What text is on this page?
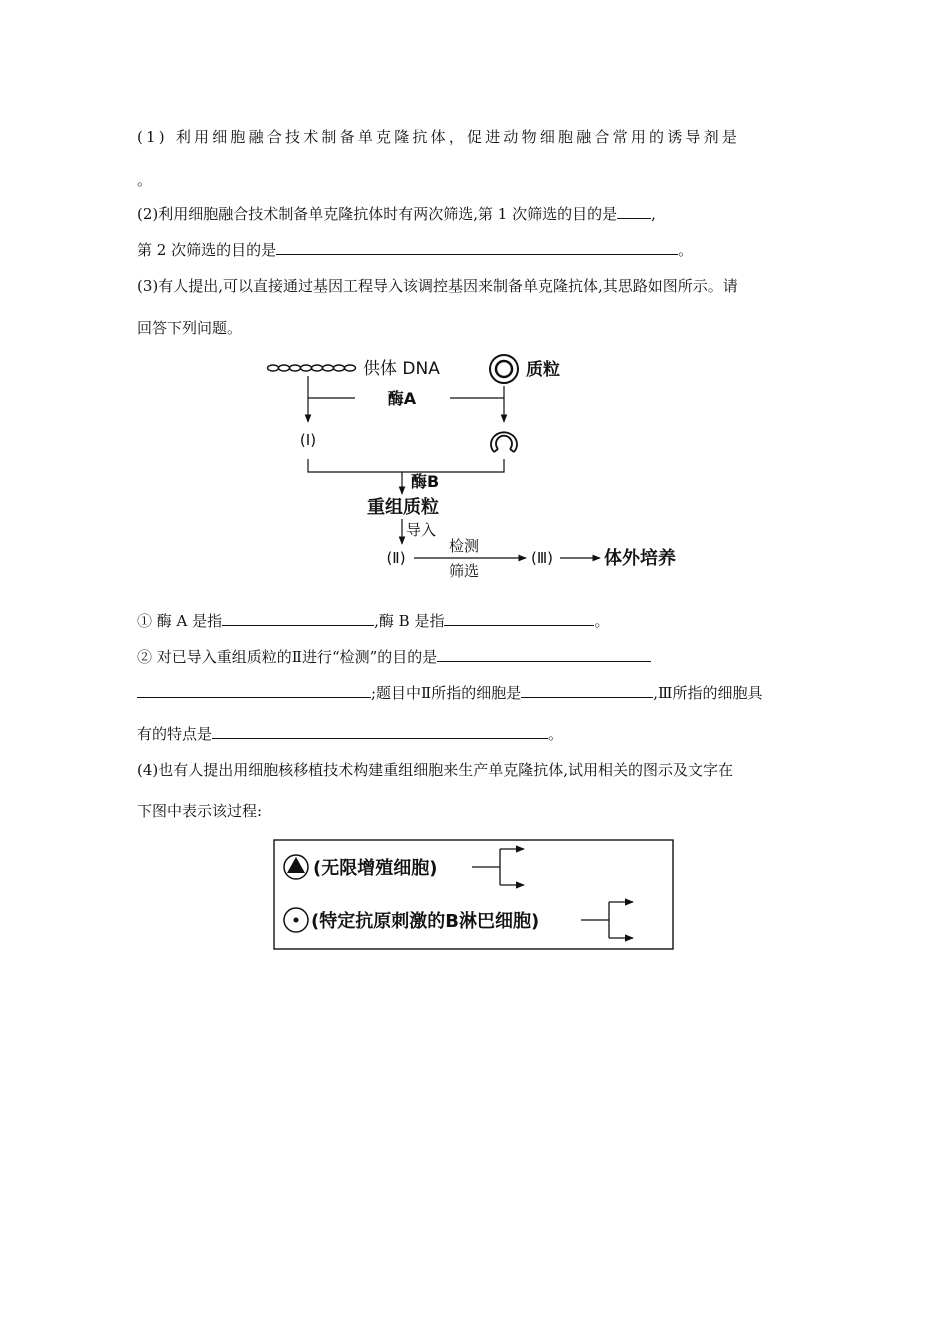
(1) 利用细胞融合技术制备单克隆抗体，促进动物细胞融合常用的诱导剂是
。
(2)利用细胞融合技术制备单克隆抗体时有两次筛选,第 1 次筛选的目的是 ,
第 2 次筛选的目的是	。
(3)有人提出,可以直接通过基因工程导入该调控基因来制备单克隆抗体,其思路如图所示。请
回答下列问题。
供体 DNA	质粒
酶A
(Ⅰ)
酶B
重组质粒
导入
(Ⅱ)
检测
筛选
(Ⅲ)	体外培养
① 酶 A 是指	,酶 B 是指	。
② 对已导入重组质粒的Ⅱ进行“检测”的目的是
;题目中Ⅱ所指的细胞是	,Ⅲ所指的细胞具
有的特点是	。
(4)也有人提出用细胞核移植技术构建重组细胞来生产单克隆抗体,试用相关的图示及文字在
下图中表示该过程:
(无限增殖细胞)
(特定抗原刺激的B淋巴细胞)
